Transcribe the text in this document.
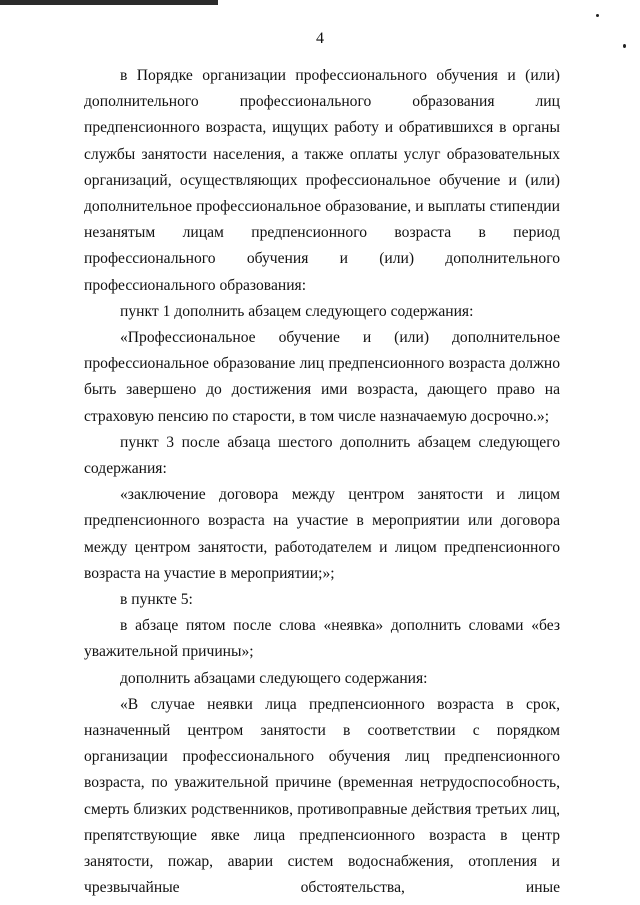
4

в Порядке организации профессионального обучения и (или) дополнительного профессионального образования лиц предпенсионного возраста, ищущих работу и обратившихся в органы службы занятости населения, а также оплаты услуг образовательных организаций, осуществляющих профессиональное обучение и (или) дополнительное профессиональное образование, и выплаты стипендии незанятым лицам предпенсионного возраста в период профессионального обучения и (или) дополнительного профессионального образования:

пункт 1 дополнить абзацем следующего содержания:

«Профессиональное обучение и (или) дополнительное профессиональное образование лиц предпенсионного возраста должно быть завершено до достижения ими возраста, дающего право на страховую пенсию по старости, в том числе назначаемую досрочно.»;

пункт 3 после абзаца шестого дополнить абзацем следующего содержания:

«заключение договора между центром занятости и лицом предпенсионного возраста на участие в мероприятии или договора между центром занятости, работодателем и лицом предпенсионного возраста на участие в мероприятии;»;

в пункте 5:

в абзаце пятом после слова «неявка» дополнить словами «без уважительной причины»;

дополнить абзацами следующего содержания:

«В случае неявки лица предпенсионного возраста в срок, назначенный центром занятости в соответствии с порядком организации профессионального обучения лиц предпенсионного возраста, по уважительной причине (временная нетрудоспособность, смерть близких родственников, противоправные действия третьих лиц, препятствующие явке лица предпенсионного возраста в центр занятости, пожар, аварии систем водоснабжения, отопления и чрезвычайные обстоятельства, иные
